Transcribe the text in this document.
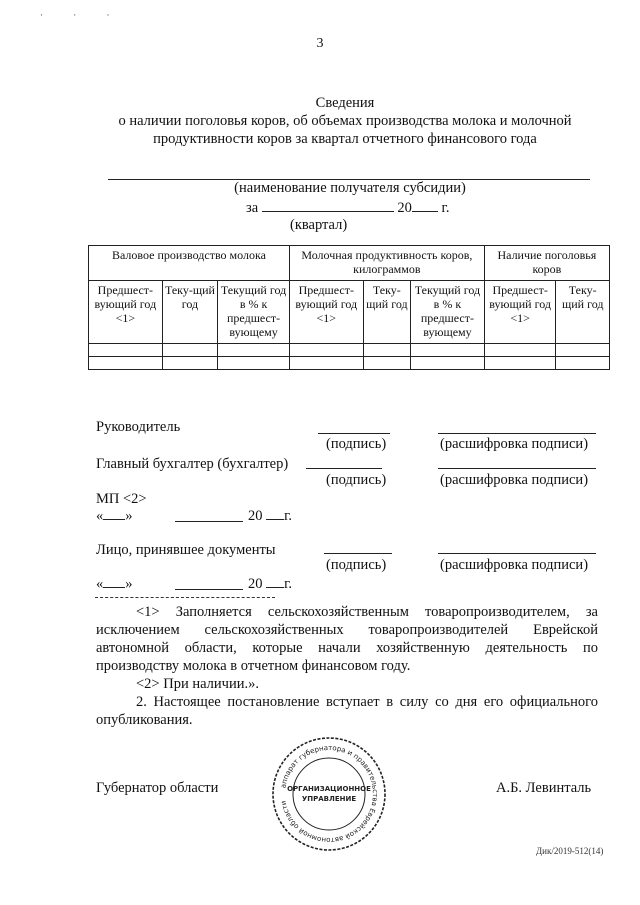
· · ·
3
Сведения
о наличии поголовья коров, об объемах производства молока и молочной
продуктивности коров за квартал отчетного финансового года
(наименование получателя субсидии)
за	20 г.
(квартал)
Валовое производство молока			Молочная продуктивность коров, килограммов			Наличие поголовья коров	
Предшест-вующий год <1>	Теку-щий год	Текущий год в % к предшест-вующему	Предшест-вующий год <1>	Теку-щий год	Текущий год в % к предшест-вующему	Предшест-вующий год <1>	Теку-щий год

Руководитель
(подпись)	(расшифровка подписи)
Главный бухгалтер (бухгалтер)
(подпись)	(расшифровка подписи)
МП <2>
« »	20 г.
Лицо, принявшее документы
(подпись)	(расшифровка подписи)
« »	20 г.

<1> Заполняется сельскохозяйственным товаропроизводителем, за исключением сельскохозяйственных товаропроизводителей Еврейской автономной области, которые начали хозяйственную деятельность по производству молока в отчетном финансовом году.

<2> При наличии.».

2. Настоящее постановление вступает в силу со дня его официального опубликования.

Губернатор области	А.Б. Левинталь
аппарат губернатора и правительства Еврейской автономной области
ОРГАНИЗАЦИОННОЕ
УПРАВЛЕНИЕ
Дик/2019-512(14)
